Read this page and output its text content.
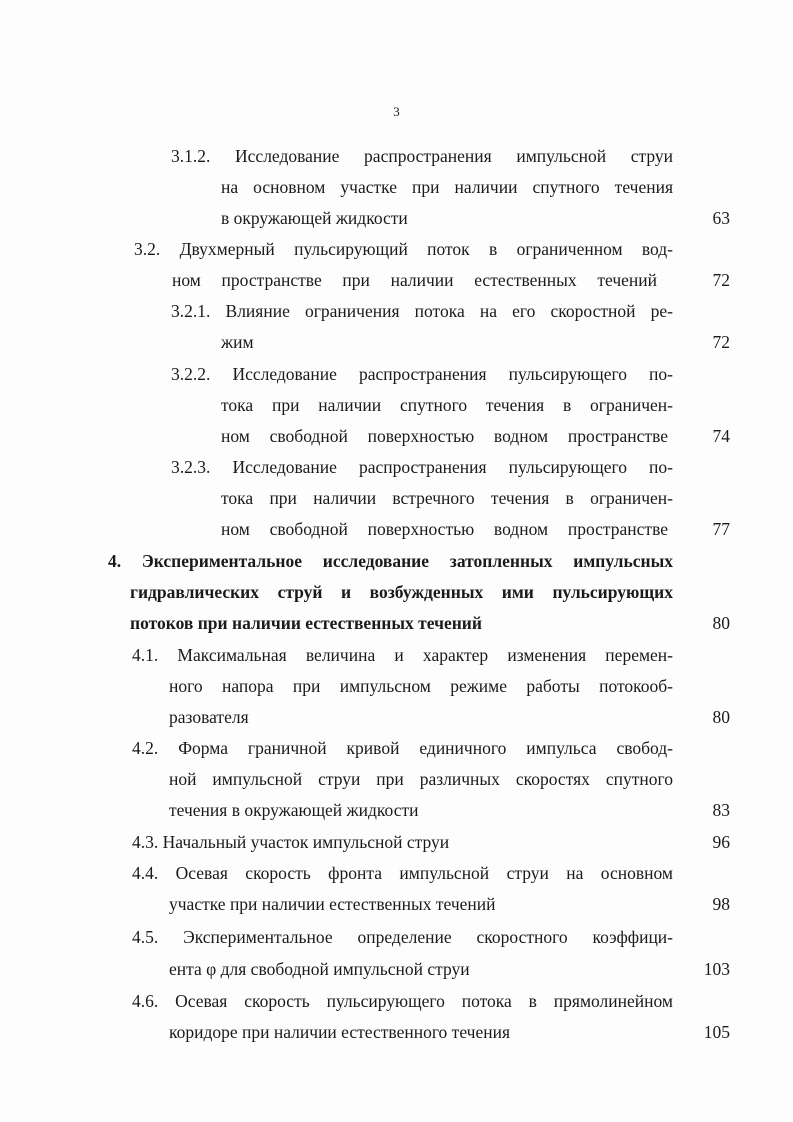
3
3.1.2. Исследование распространения импульсной струи
на основном участке при наличии спутного течения
в окружающей жидкости	63
3.2. Двухмерный пульсирующий поток в ограниченном вод-
ном пространстве при наличии естественных течений	72
3.2.1. Влияние ограничения потока на его скоростной ре-
жим	72
3.2.2. Исследование распространения пульсирующего по-
тока при наличии спутного течения в ограничен-
ном свободной поверхностью водном пространстве	74
3.2.3. Исследование распространения пульсирующего по-
тока при наличии встречного течения в ограничен-
ном свободной поверхностью водном пространстве	77
4. Экспериментальное исследование затопленных импульсных
гидравлических струй и возбужденных ими пульсирующих
потоков при наличии естественных течений	80
4.1. Максимальная величина и характер изменения перемен-
ного напора при импульсном режиме работы потокооб-
разователя	80
4.2. Форма граничной кривой единичного импульса свобод-
ной импульсной струи при различных скоростях спутного
течения в окружающей жидкости	83
4.3. Начальный участок импульсной струи	96
4.4. Осевая скорость фронта импульсной струи на основном
участке при наличии естественных течений	98
4.5. Экспериментальное определение скоростного коэффици-
ента φ для свободной импульсной струи	103
4.6. Осевая скорость пульсирующего потока в прямолинейном
коридоре при наличии естественного течения	105
